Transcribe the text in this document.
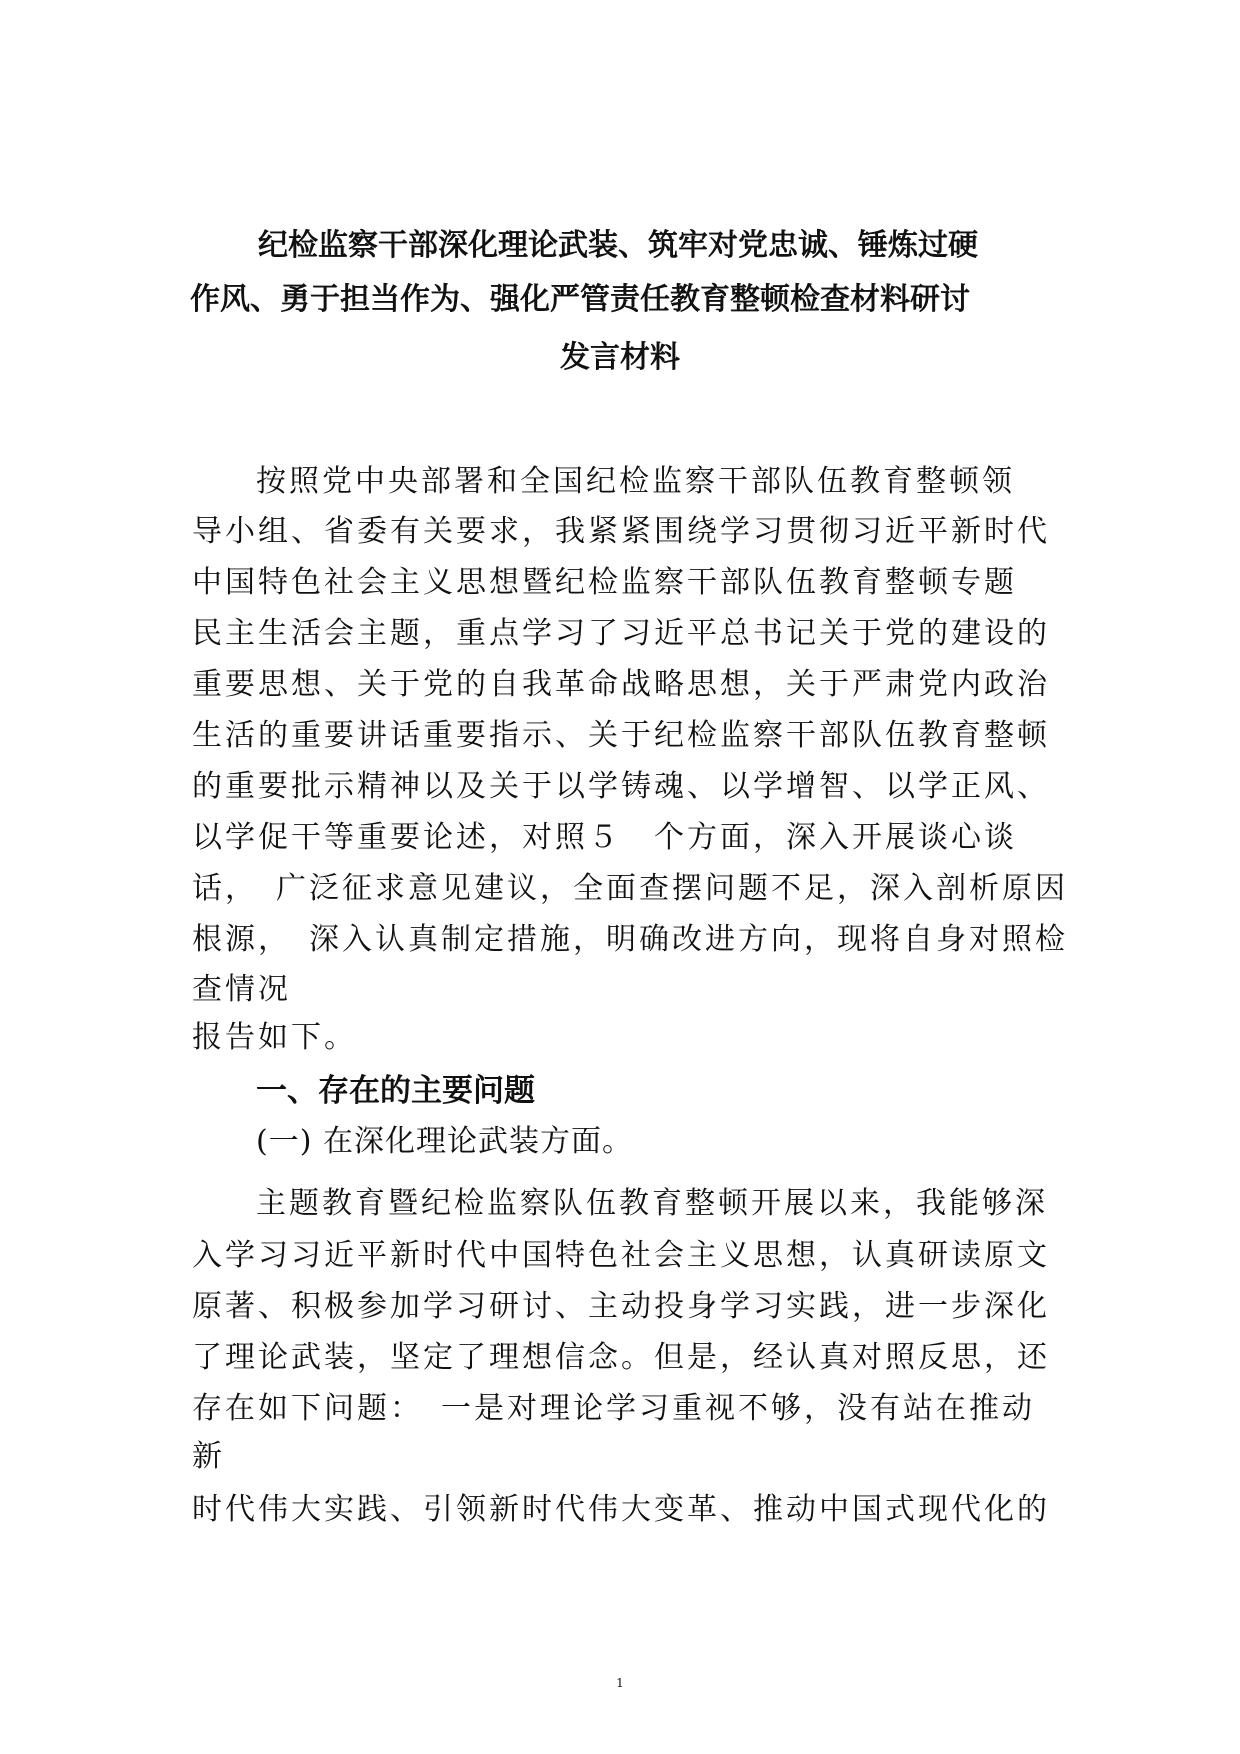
纪检监察干部深化理论武装、筑牢对党忠诚、锤炼过硬
作风、勇于担当作为、强化严管责任教育整顿检查材料研讨
发言材料
按照党中央部署和全国纪检监察干部队伍教育整顿领
导小组、省委有关要求，我紧紧围绕学习贯彻习近平新时代
中国特色社会主义思想暨纪检监察干部队伍教育整顿专题
民主生活会主题，重点学习了习近平总书记关于党的建设的
重要思想、关于党的自我革命战略思想，关于严肃党内政治
生活的重要讲话重要指示、关于纪检监察干部队伍教育整顿
的重要批示精神以及关于以学铸魂、以学增智、以学正风、
以学促干等重要论述，对照５　个方面，深入开展谈心谈
话，　广泛征求意见建议，全面查摆问题不足，深入剖析原因
根源，　深入认真制定措施，明确改进方向，现将自身对照检
查情况
报告如下。
一、存在的主要问题
(一) 在深化理论武装方面。
主题教育暨纪检监察队伍教育整顿开展以来，我能够深
入学习习近平新时代中国特色社会主义思想，认真研读原文
原著、积极参加学习研讨、主动投身学习实践，进一步深化
了理论武装，坚定了理想信念。但是，经认真对照反思，还
存在如下问题：　一是对理论学习重视不够，没有站在推动
新
时代伟大实践、引领新时代伟大变革、推动中国式现代化的
1
